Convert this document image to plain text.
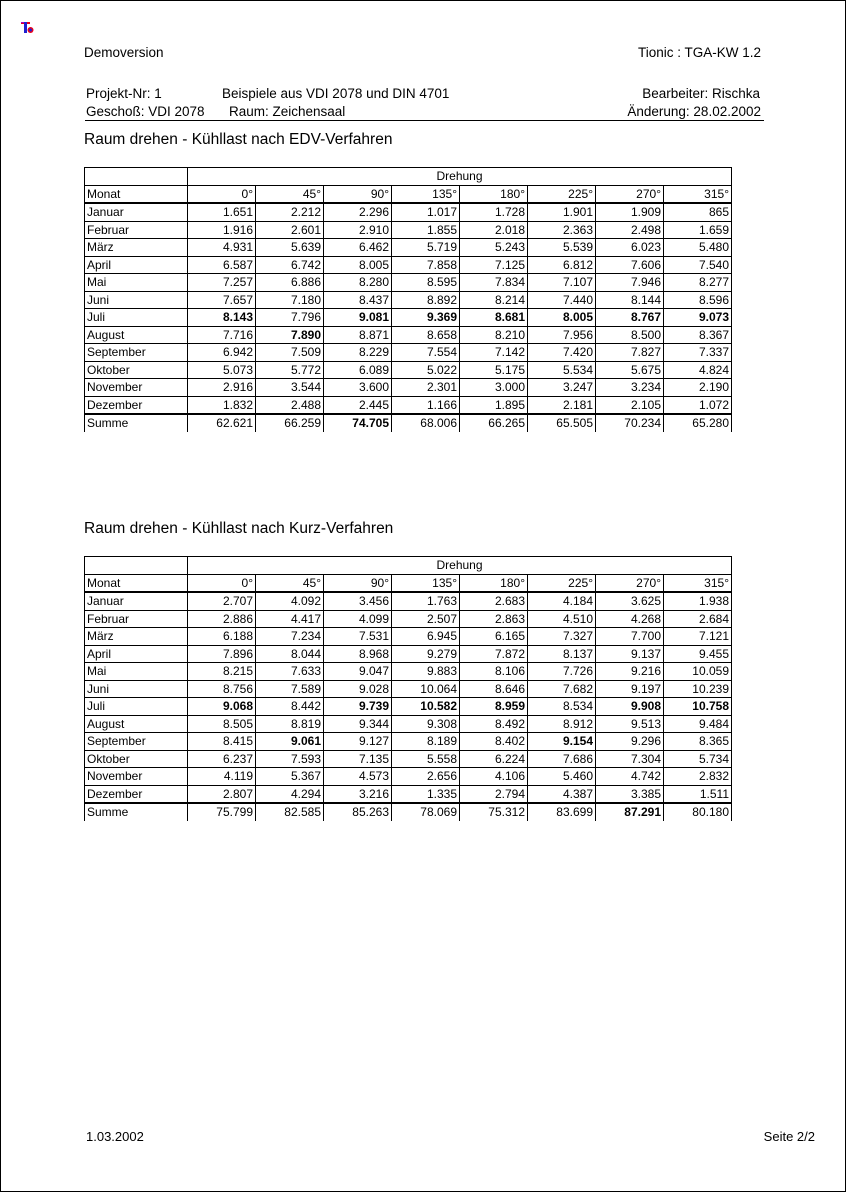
Demoversion	Tionic : TGA-KW 1.2
Projekt-Nr: 1	Beispiele aus VDI 2078 und DIN 4701	Bearbeiter: Rischka
Geschoß: VDI 2078 Raum: Zeichensaal	Änderung: 28.02.2002
Raum drehen - Kühllast nach EDV-Verfahren
	Drehung							
Monat	0°	45°	90°	135°	180°	225°	270°	315°
Januar	1.651	2.212	2.296	1.017	1.728	1.901	1.909	865
Februar	1.916	2.601	2.910	1.855	2.018	2.363	2.498	1.659
März	4.931	5.639	6.462	5.719	5.243	5.539	6.023	5.480
April	6.587	6.742	8.005	7.858	7.125	6.812	7.606	7.540
Mai	7.257	6.886	8.280	8.595	7.834	7.107	7.946	8.277
Juni	7.657	7.180	8.437	8.892	8.214	7.440	8.144	8.596
Juli	8.143	7.796	9.081	9.369	8.681	8.005	8.767	9.073
August	7.716	7.890	8.871	8.658	8.210	7.956	8.500	8.367
September	6.942	7.509	8.229	7.554	7.142	7.420	7.827	7.337
Oktober	5.073	5.772	6.089	5.022	5.175	5.534	5.675	4.824
November	2.916	3.544	3.600	2.301	3.000	3.247	3.234	2.190
Dezember	1.832	2.488	2.445	1.166	1.895	2.181	2.105	1.072
Summe	62.621	66.259	74.705	68.006	66.265	65.505	70.234	65.280
Raum drehen - Kühllast nach Kurz-Verfahren
	Drehung							
Monat	0°	45°	90°	135°	180°	225°	270°	315°
Januar	2.707	4.092	3.456	1.763	2.683	4.184	3.625	1.938
Februar	2.886	4.417	4.099	2.507	2.863	4.510	4.268	2.684
März	6.188	7.234	7.531	6.945	6.165	7.327	7.700	7.121
April	7.896	8.044	8.968	9.279	7.872	8.137	9.137	9.455
Mai	8.215	7.633	9.047	9.883	8.106	7.726	9.216	10.059
Juni	8.756	7.589	9.028	10.064	8.646	7.682	9.197	10.239
Juli	9.068	8.442	9.739	10.582	8.959	8.534	9.908	10.758
August	8.505	8.819	9.344	9.308	8.492	8.912	9.513	9.484
September	8.415	9.061	9.127	8.189	8.402	9.154	9.296	8.365
Oktober	6.237	7.593	7.135	5.558	6.224	7.686	7.304	5.734
November	4.119	5.367	4.573	2.656	4.106	5.460	4.742	2.832
Dezember	2.807	4.294	3.216	1.335	2.794	4.387	3.385	1.511
Summe	75.799	82.585	85.263	78.069	75.312	83.699	87.291	80.180
1.03.2002	Seite 2/2
